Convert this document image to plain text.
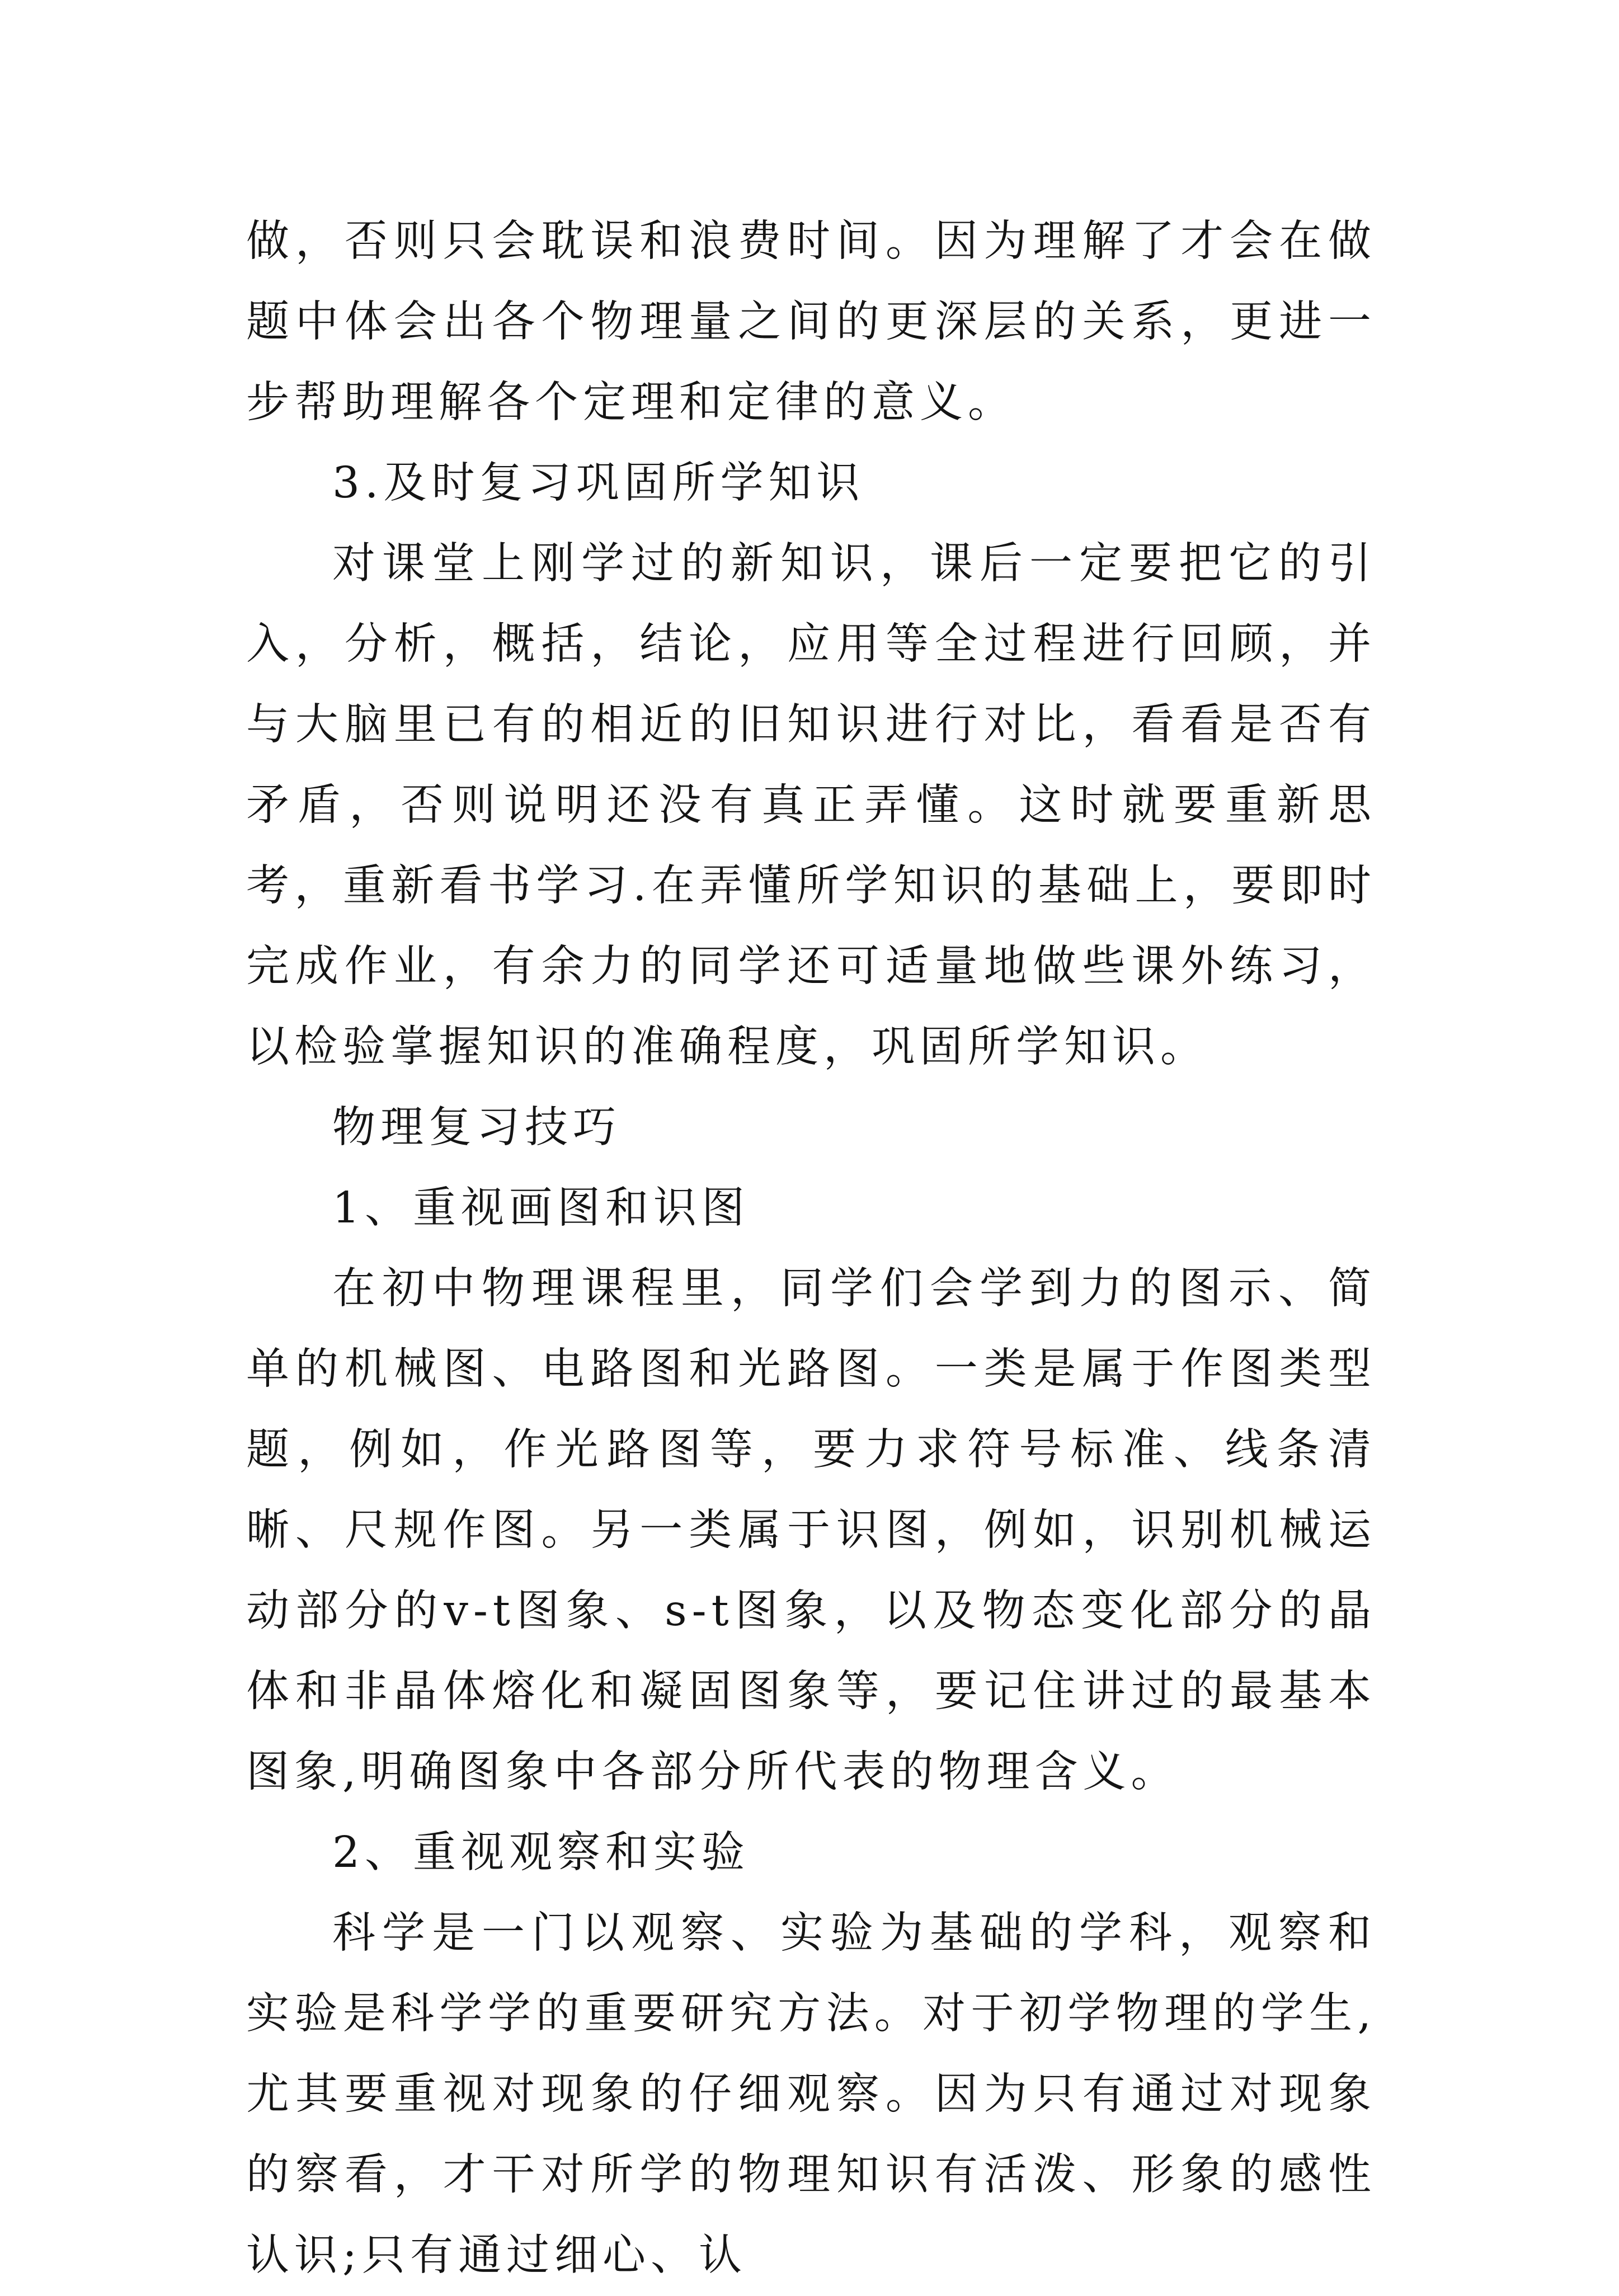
做，否则只会耽误和浪费时间。因为理解了才会在做题中体会出各个物理量之间的更深层的关系，更进一步帮助理解各个定理和定律的意义。

3.及时复习巩固所学知识

对课堂上刚学过的新知识，课后一定要把它的引入，分析，概括，结论，应用等全过程进行回顾，并与大脑里已有的相近的旧知识进行对比，看看是否有矛盾，否则说明还没有真正弄懂。这时就要重新思考，重新看书学习.在弄懂所学知识的基础上，要即时完成作业，有余力的同学还可适量地做些课外练习，以检验掌握知识的准确程度，巩固所学知识。

物理复习技巧

1、重视画图和识图

在初中物理课程里，同学们会学到力的图示、简单的机械图、电路图和光路图。一类是属于作图类型题，例如，作光路图等，要力求符号标准、线条清晰、尺规作图。另一类属于识图，例如，识别机械运动部分的v-t图象、s-t图象，以及物态变化部分的晶体和非晶体熔化和凝固图象等，要记住讲过的最基本图象,明确图象中各部分所代表的物理含义。

2、重视观察和实验

科学是一门以观察、实验为基础的学科，观察和实验是科学学的重要研究方法。对于初学物理的学生,尤其要重视对现象的仔细观察。因为只有通过对现象的察看，才干对所学的物理知识有活泼、形象的感性认识;只有通过细心、认
